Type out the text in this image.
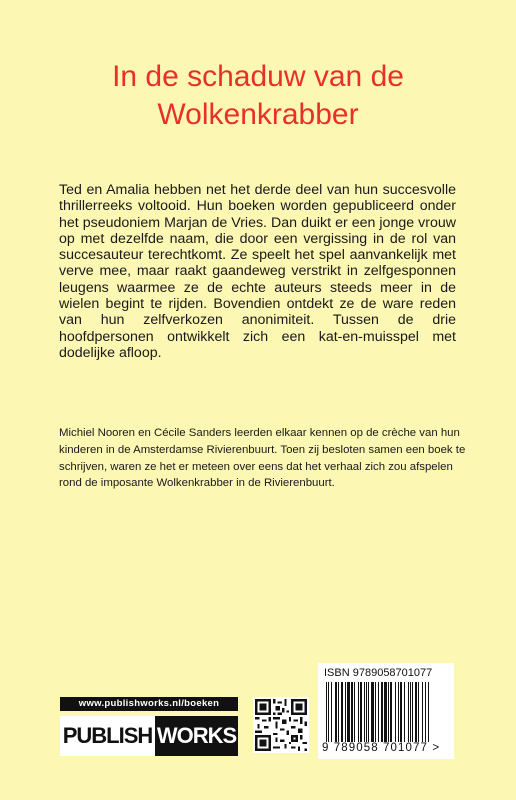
In de schaduw van de
Wolkenkrabber

Ted en Amalia hebben net het derde deel van hun succesvolle thrillerreeks voltooid. Hun boeken worden gepubliceerd onder het pseudoniem Marjan de Vries. Dan duikt er een jonge vrouw op met dezelfde naam, die door een vergissing in de rol van succesauteur terechtkomt. Ze speelt het spel aanvankelijk met verve mee, maar raakt gaandeweg verstrikt in zelfgesponnen leugens waarmee ze de echte auteurs steeds meer in de wielen begint te rijden. Bovendien ontdekt ze de ware reden van hun zelfverkozen anonimiteit. Tussen de drie hoofdpersonen ontwikkelt zich een kat-en-muisspel met dodelijke afloop.

Michiel Nooren en Cécile Sanders leerden elkaar kennen op de crèche van hun kinderen in de Amsterdamse Rivierenbuurt. Toen zij besloten samen een boek te schrijven, waren ze het er meteen over eens dat het verhaal zich zou afspelen rond de imposante Wolkenkrabber in de Rivierenbuurt.

www.publishworks.nl/boeken
PUBLISH WORKS
ISBN 9789058701077
9 789058 701077 >
